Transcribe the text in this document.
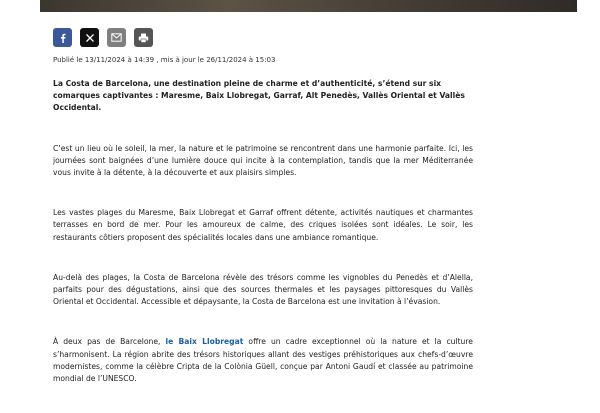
Publié le 13/11/2024 à 14:39 , mis à jour le 26/11/2024 à 15:03

La Costa de Barcelona, une destination pleine de charme et d’authenticité, s’étend sur six comarques captivantes : Maresme, Baix Llobregat, Garraf, Alt Penedès, Vallès Oriental et Vallès Occidental.

C’est un lieu où le soleil, la mer, la nature et le patrimoine se rencontrent dans une harmonie parfaite. Ici, les journées sont baignées d’une lumière douce qui incite à la contemplation, tandis que la mer Méditerranée vous invite à la détente, à la découverte et aux plaisirs simples.

Les vastes plages du Maresme, Baix Llobregat et Garraf offrent détente, activités nautiques et charmantes terrasses en bord de mer. Pour les amoureux de calme, des criques isolées sont idéales. Le soir, les restaurants côtiers proposent des spécialités locales dans une ambiance romantique.

Au-delà des plages, la Costa de Barcelona révèle des trésors comme les vignobles du Penedès et d’Alella, parfaits pour des dégustations, ainsi que des sources thermales et les paysages pittoresques du Vallès Oriental et Occidental. Accessible et dépaysante, la Costa de Barcelona est une invitation à l’évasion.

À deux pas de Barcelone, le Baix Llobregat offre un cadre exceptionnel où la nature et la culture s’harmonisent. La région abrite des trésors historiques allant des vestiges préhistoriques aux chefs-d’œuvre modernistes, comme la célèbre Cripta de la Colònia Güell, conçue par Antoni Gaudí et classée au patrimoine mondial de l’UNESCO.
